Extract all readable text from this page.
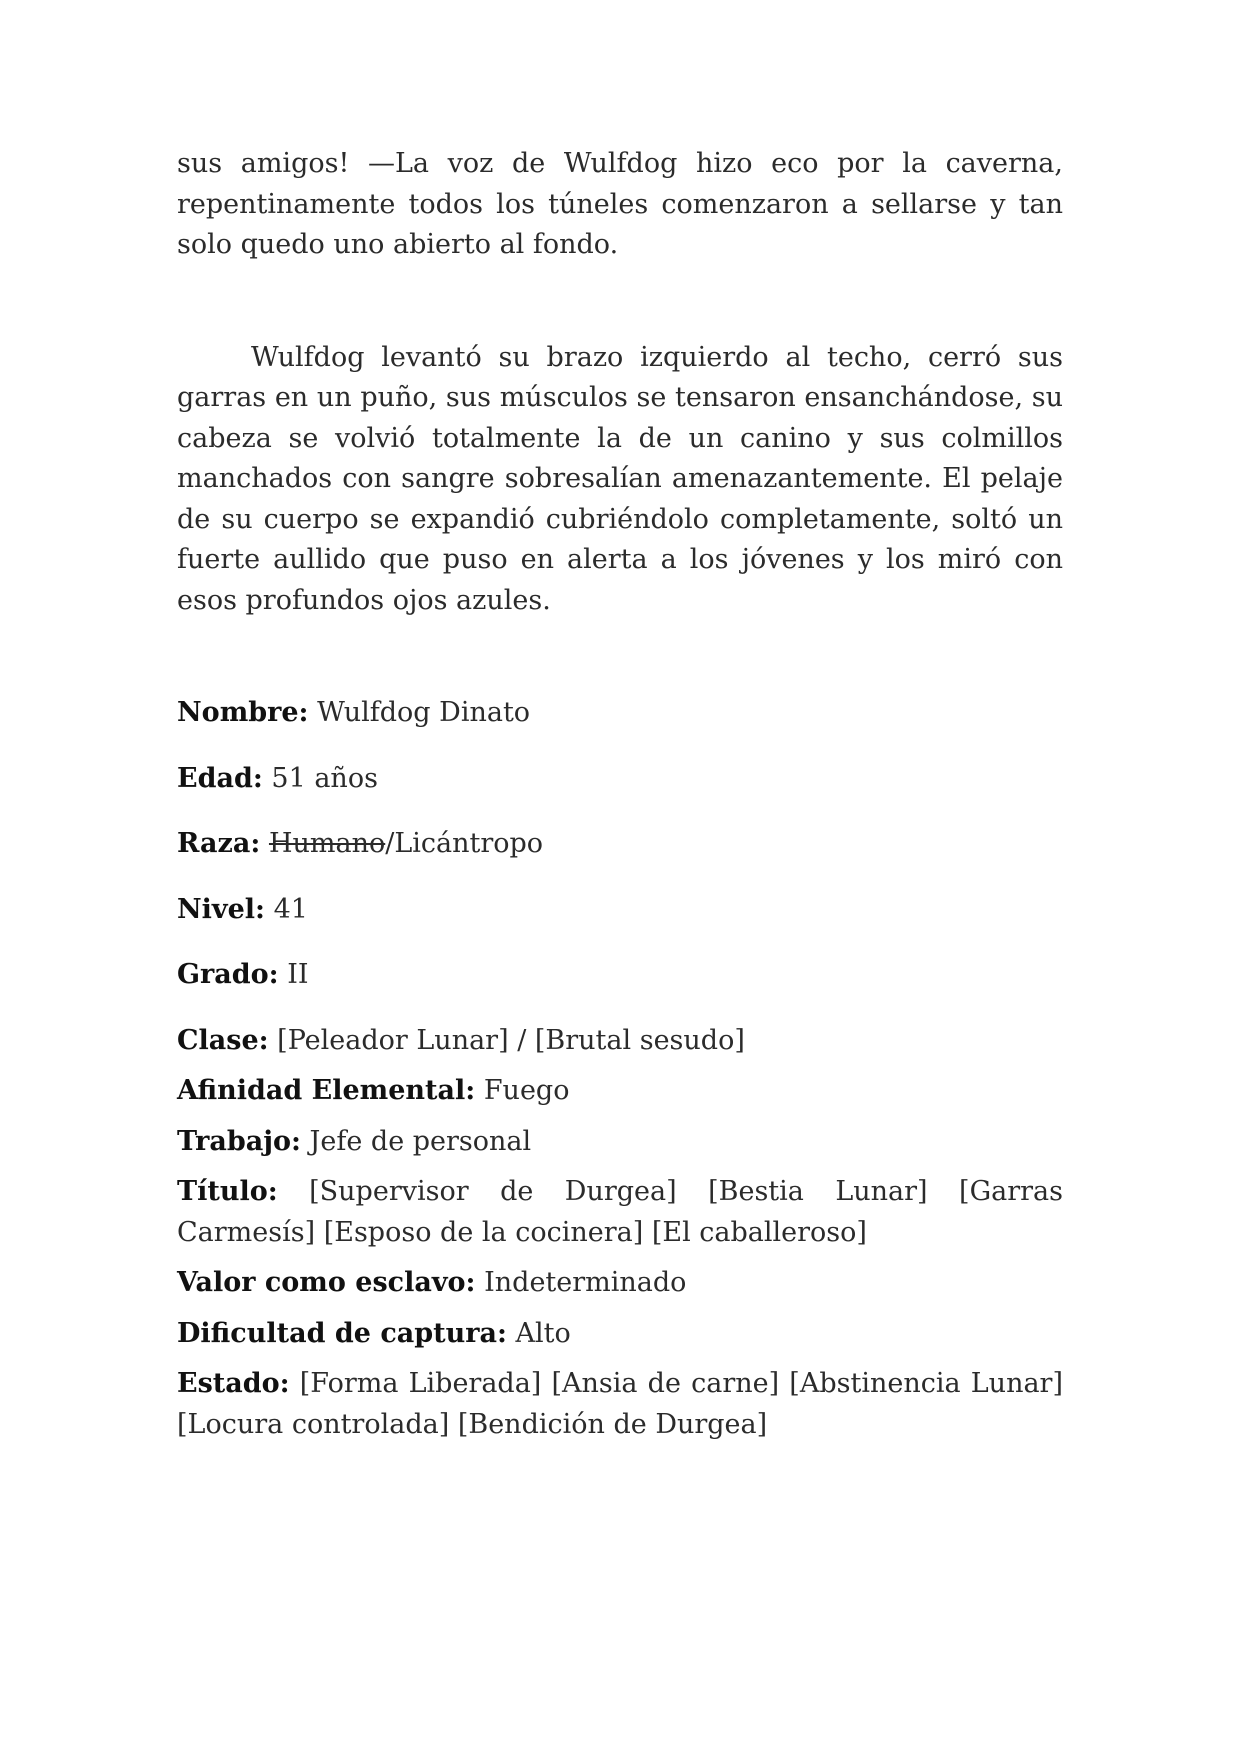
sus amigos! —La voz de Wulfdog hizo eco por la caverna, repentinamente todos los túneles comenzaron a sellarse y tan solo quedo uno abierto al fondo.

Wulfdog levantó su brazo izquierdo al techo, cerró sus garras en un puño, sus músculos se tensaron ensanchándose, su cabeza se volvió totalmente la de un canino y sus colmillos manchados con sangre sobresalían amenazantemente. El pelaje de su cuerpo se expandió cubriéndolo completamente, soltó un fuerte aullido que puso en alerta a los jóvenes y los miró con esos profundos ojos azules.

Nombre: Wulfdog Dinato

Edad: 51 años

Raza: Humano/Licántropo

Nivel: 41

Grado: II

Clase: [Peleador Lunar] / [Brutal sesudo]

Afinidad Elemental: Fuego

Trabajo: Jefe de personal

Título: [Supervisor de Durgea] [Bestia Lunar] [Garras Carmesís] [Esposo de la cocinera] [El caballeroso]

Valor como esclavo: Indeterminado

Dificultad de captura: Alto

Estado: [Forma Liberada] [Ansia de carne] [Abstinencia Lunar] [Locura controlada] [Bendición de Durgea]
